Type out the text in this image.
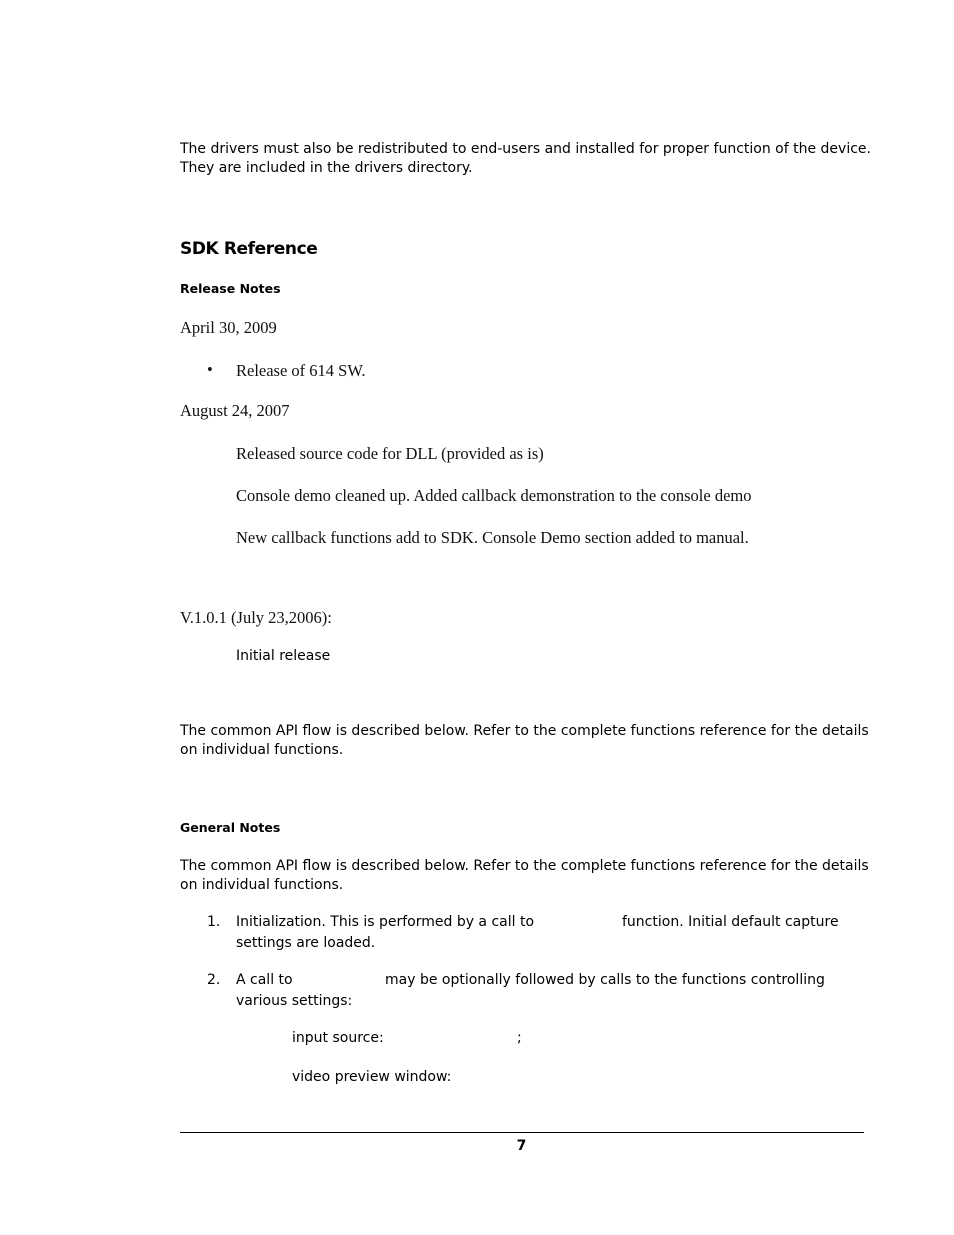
The drivers must also be redistributed to end-users and installed for proper function of the device.
They are included in the drivers directory.
SDK Reference
Release Notes
April 30, 2009
• Release of 614 SW.
August 24, 2007
Released source code for DLL (provided as is)
Console demo cleaned up. Added callback demonstration to the console demo
New callback functions add to SDK. Console Demo section added to manual.
V.1.0.1 (July 23,2006):
Initial release
The common API flow is described below. Refer to the complete functions reference for the details
on individual functions.
General Notes
The common API flow is described below. Refer to the complete functions reference for the details
on individual functions.
1. Initialization. This is performed by a call to	function. Initial default capture
settings are loaded.
2. A call to	may be optionally followed by calls to the functions controlling
various settings:
input source:	;
video preview window:
7
